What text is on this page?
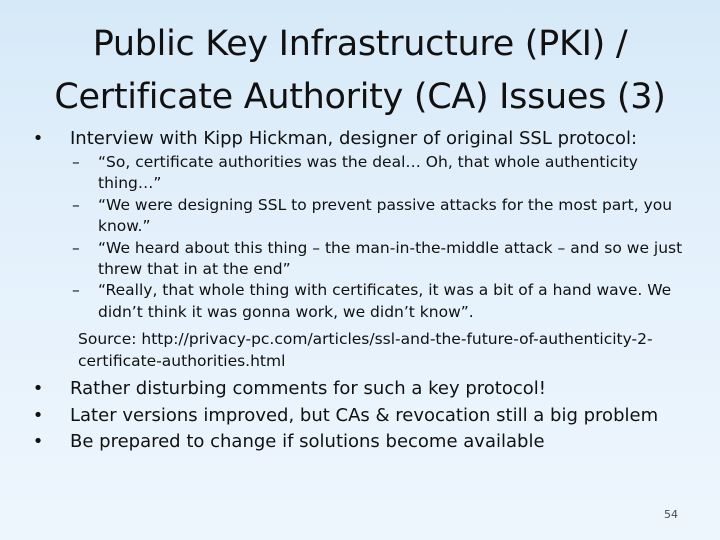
Public Key Infrastructure (PKI) / Certificate Authority (CA) Issues (3)
• Interview with Kipp Hickman, designer of original SSL protocol:
– “So, certificate authorities was the deal… Oh, that whole authenticity thing…”
– “We were designing SSL to prevent passive attacks for the most part, you know.”
– “We heard about this thing – the man-in-the-middle attack – and so we just threw that in at the end”
– “Really, that whole thing with certificates, it was a bit of a hand wave. We didn’t think it was gonna work, we didn’t know”.
Source: http://privacy-pc.com/articles/ssl-and-the-future-of-authenticity-2-certificate-authorities.html
• Rather disturbing comments for such a key protocol!
• Later versions improved, but CAs & revocation still a big problem
• Be prepared to change if solutions become available
54
